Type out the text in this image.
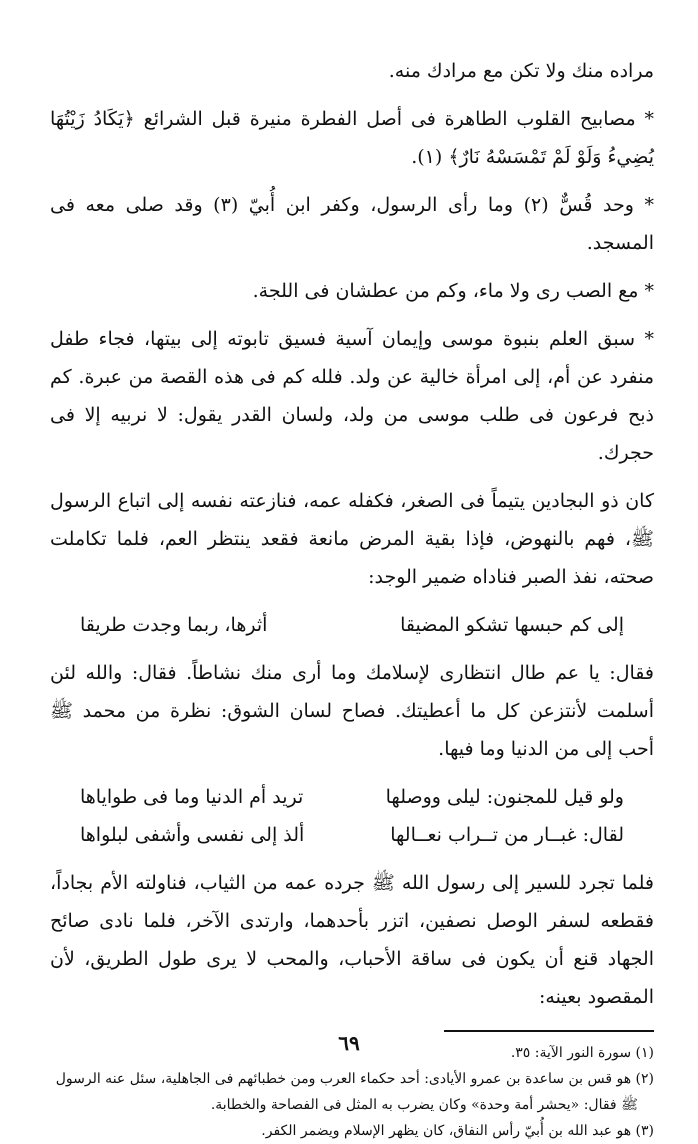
مراده منك ولا تكن مع مرادك منه.

* مصابيح القلوب الطاهرة فى أصل الفطرة منيرة قبل الشرائع ﴿يَكَادُ زَيْتُهَا يُضِيءُ وَلَوْ لَمْ تَمْسَسْهُ نَارٌ﴾ (١).

* وحد قُسٌّ (٢) وما رأى الرسول، وكفر ابن أُبيّ (٣) وقد صلى معه فى المسجد.

* مع الصب رى ولا ماء، وكم من عطشان فى اللجة.

* سبق العلم بنبوة موسى وإيمان آسية فسيق تابوته إلى بيتها، فجاء طفل منفرد عن أم، إلى امرأة خالية عن ولد. فلله كم فى هذه القصة من عبرة. كم ذبح فرعون فى طلب موسى من ولد، ولسان القدر يقول: لا نربيه إلا فى حجرك.

كان ذو البجادين يتيماً فى الصغر، فكفله عمه، فنازعته نفسه إلى اتباع الرسول ﷺ، فهم بالنهوض، فإذا بقية المرض مانعة فقعد ينتظر العم، فلما تكاملت صحته، نفذ الصبر فناداه ضمير الوجد:

إلى كم حبسها تشكو المضيقا
أثرها، ربما وجدت طريقا

فقال: يا عم طال انتظارى لإسلامك وما أرى منك نشاطاً. فقال: والله لئن أسلمت لأنتزعن كل ما أعطيتك. فصاح لسان الشوق: نظرة من محمد ﷺ أحب إلى من الدنيا وما فيها.

ولو قيل للمجنون: ليلى ووصلها
تريد أم الدنيا وما فى طواياها
لقال: غبــار من تــراب نعــالها
ألذ إلى نفسى وأشفى لبلواها

فلما تجرد للسير إلى رسول الله ﷺ جرده عمه من الثياب، فناولته الأم بجاداً، فقطعه لسفر الوصل نصفين، اتزر بأحدهما، وارتدى الآخر، فلما نادى صائح الجهاد قنع أن يكون فى ساقة الأحباب، والمحب لا يرى طول الطريق، لأن المقصود بعينه:

(١) سورة النور الآية: ٣٥.

(٢) هو قس بن ساعدة بن عمرو الأيادى: أحد حكماء العرب ومن خطبائهم فى الجاهلية، سئل عنه الرسول

ﷺ فقال: «يحشر أمة وحدة» وكان يضرب به المثل فى الفصاحة والخطابة.

(٣) هو عبد الله بن أُبيّ رأس النفاق، كان يظهر الإسلام ويضمر الكفر.

٦٩
